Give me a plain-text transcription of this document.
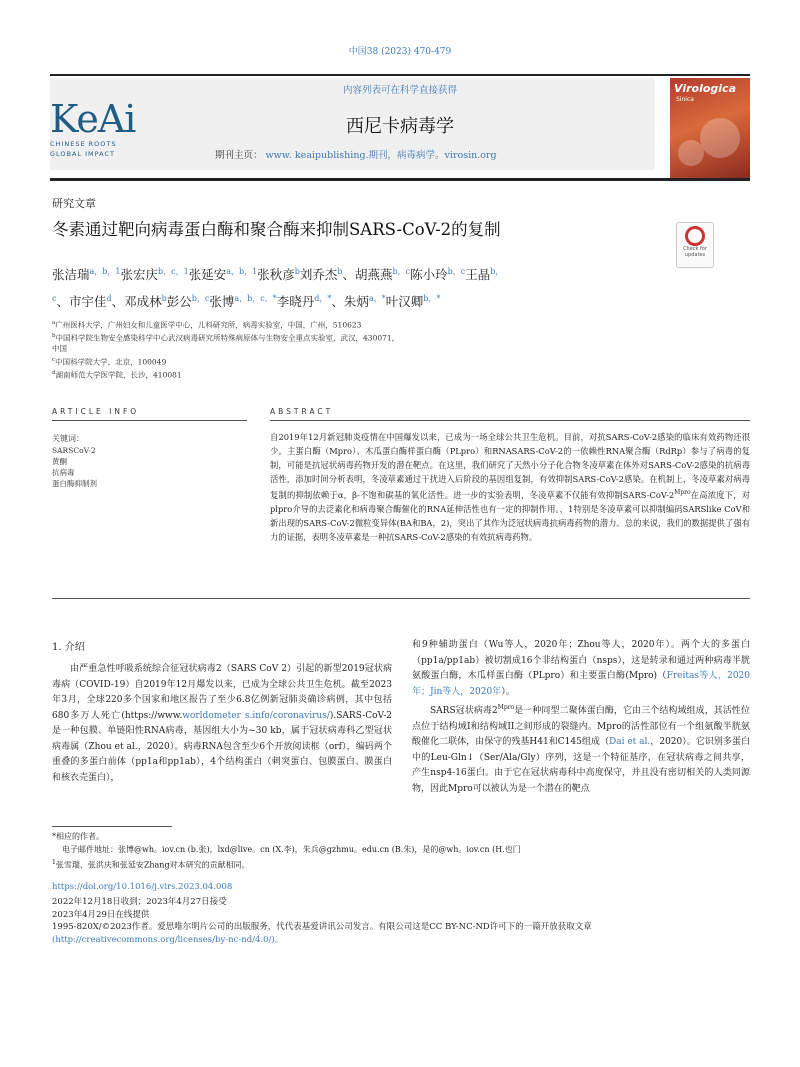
中国38 (2023) 470-479
KeAi
CHINESE ROOTS
GLOBAL IMPACT
内容列表可在科学直接获得
西尼卡病毒学
期刊主页： www. keaipublishing.期刊，病毒病学。virosin.org
Virologica
Sinica
研究文章
冬素通过靶向病毒蛋白酶和聚合酶来抑制SARS-CoV-2的复制
Check for
updates
张洁瑞$^{a,b,1}$张宏庆$^{b,c,1}$张延安$^{a,b,1}$张秋彦$^b$刘乔杰$^b$、胡燕燕$^{b,c}$陈小玲$^{b,c}$王晶$^{b,}$
$^c$、市宇佳$^d$、邓成林$^b$彭公$^{b,c}$张博$^{a,b,c,*}$李晓丹$^{d,*}$、朱炳$^{a,*}$叶汉卿$^{b,*}$
$^a$广州医科大学，广州妇女和儿童医学中心，儿科研究所，病毒实验室，中国，广州，510623
$^b$中国科学院生物安全感染科学中心武汉病毒研究所特殊病原体与生物安全重点实验室，武汉，430071，
中国
$^c$中国科学院大学，北京，100049
$^d$湖南师范大学医学院，长沙，410081
ARTICLE INFO	ABSTRACT
关键词：
SARSCoV-2
黄酮
抗病毒
蛋白酶抑制剂
自2019年12月新冠肺炎疫情在中国爆发以来，已成为一场全球公共卫生危机。目前，对抗SARS-CoV-2感染的临床有效药物还很少。主蛋白酶（Mpro）、木瓜蛋白酶样蛋白酶（PLpro）和RNASARS-CoV-2的一依赖性RNA聚合酶（RdRp）参与了病毒的复制，可能是抗冠状病毒药物开发的潜在靶点。在这里，我们研究了天然小分子化合物冬凌草素在体外对SARS-CoV-2感染的抗病毒活性，添加时间分析表明，冬凌草素通过干扰进入后阶段的基因组复制，有效抑制SARS-CoV-2感染。在机制上，冬凌草素对病毒复制的抑制依赖于α，β-不饱和碳基的氧化活性。进一步的实验表明，冬凌草素不仅能有效抑制SARS-$CoV-2^{Mpro}$在高浓度下，对plpro介导的去泛素化和病毒聚合酶催化的RNA延伸活性也有一定的抑制作用。，1特别是冬凌草素可以抑制编码SARSlike CoV和新出现的SARS-CoV-2微粒变异体(BA和BA，2)，突出了其作为泛冠状病毒抗病毒药物的潜力。总的来说，我们的数据提供了强有力的证据，表明冬凌草素是一种抗SARS-CoV-2感染的有效抗病毒药物。
1. 介绍
由严重急性呼吸系统综合征冠状病毒2（SARS CoV 2）引起的新型2019冠状病毒病（COVID-19）自2019年12月爆发以来，已成为全球公共卫生危机。截至2023年3月，全球220多个国家和地区报告了至少6.8亿例新冠肺炎确诊病例，其中包括680多万人死亡(https://www.worldometer s.info/coronavirus/).SARS-CoV-2是一种包膜、单链阳性RNA病毒，基因组大小为~30 kb，属于冠状病毒科乙型冠状病毒属（Zhou et al.，2020）。病毒RNA包含至少6个开放阅读框（orf），编码两个重叠的多蛋白前体（pp1a和pp1ab），4个结构蛋白（刺突蛋白、包膜蛋白、膜蛋白和核衣壳蛋白），
和9种辅助蛋白（Wu等人，2020年；Zhou等人，2020年）。两个大的多蛋白（pp1a/pp1ab）被切割成16个非结构蛋白（nsps），这是转录和通过两种病毒半胱氨酸蛋白酶，木瓜样蛋白酶（PLpro）和主要蛋白酶(Mpro)（Freitas等人，2020年；Jin等人，2020年）。
SARS冠状病毒$2^{Mpro}$是一种同型二聚体蛋白酶，它由三个结构域组成，其活性位点位于结构域I和结构域II之间形成的裂缝内。Mpro的活性部位有一个组氨酸半胱氨酸催化二联体，由保守的残基H41和C145组成（Dai et al.，2020）。它识别多蛋白中的Leu-Gln↓（Ser/Ala/Gly）序列，这是一个特征基序，在冠状病毒之间共享，产生nsp4-16蛋白。由于它在冠状病毒科中高度保守，并且没有密切相关的人类同源物，因此Mpro可以被认为是一个潜在的靶点
*相应的作者。
电子邮件地址：张博@wh。iov.cn (b.张)，lxd@live。cn (X.李)，朱兵@gzhmu。edu.cn (B.朱)，是的@wh。iov.cn (H.也门
$^1$张雪瑞、张洪庆和张延安Zhang对本研究的贡献相同。
https://doi.org/10.1016/j.virs.2023.04.008
2022年12月18日收到；2023年4月27日接受
2023年4月29日在线提供
1995-820X/©2023作者。爱思唯尔明片公司的出版服务，代代表基爱讲讯公司发言。有限公司这是CC BY-NC-ND许可下的一篇开放获取文章
(http://creativecommons.org/licenses/by-nc-nd/4.0/)。
